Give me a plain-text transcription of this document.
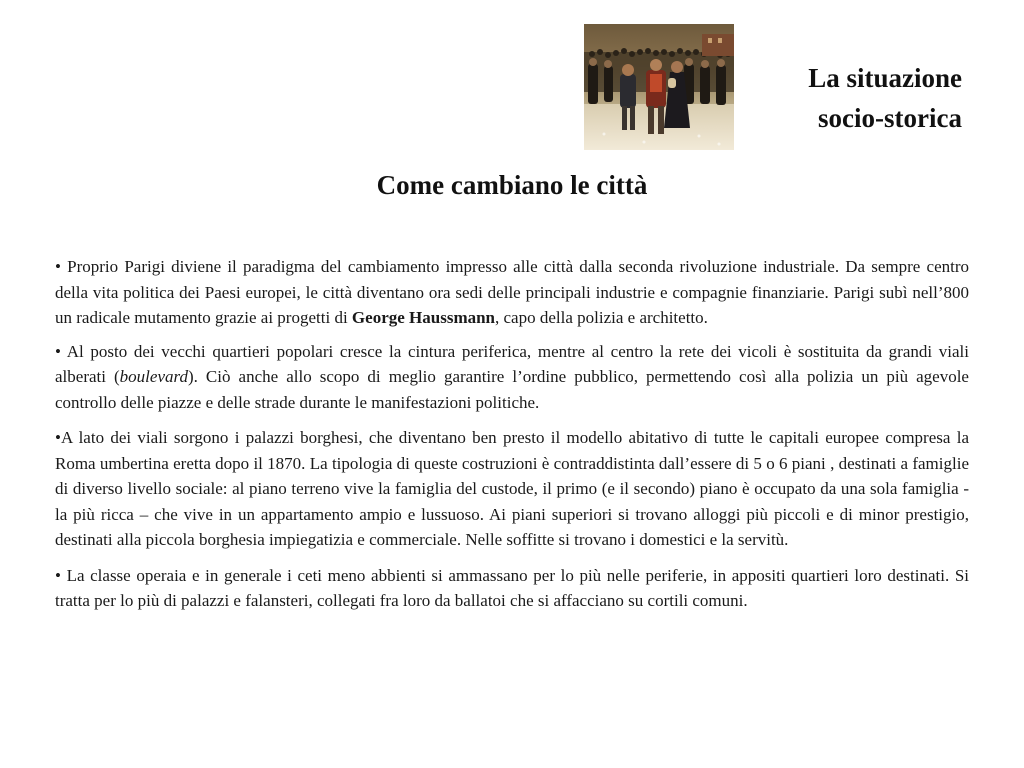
La situazione
socio-storica
Come cambiano le città

• Proprio Parigi diviene il paradigma del cambiamento impresso alle città dalla seconda rivoluzione industriale. Da sempre centro della vita politica dei Paesi europei, le città diventano ora sedi delle principali industrie e compagnie finanziarie. Parigi subì nell’800 un radicale mutamento grazie ai progetti di George Haussmann, capo della polizia e architetto.

• Al posto dei vecchi quartieri popolari cresce la cintura periferica, mentre al centro la rete dei vicoli è sostituita da grandi viali alberati (boulevard). Ciò anche allo scopo di meglio garantire l’ordine pubblico, permettendo così alla polizia un più agevole controllo delle piazze e delle strade durante le manifestazioni politiche.

•A lato dei viali sorgono i palazzi borghesi, che diventano ben presto il modello abitativo di tutte le capitali europee compresa la Roma umbertina eretta dopo il 1870. La tipologia di queste costruzioni è contraddistinta dall’essere di 5 o 6 piani , destinati a famiglie di diverso livello sociale: al piano terreno vive la famiglia del custode, il primo (e il secondo) piano è occupato da una sola famiglia - la più ricca – che vive in un appartamento ampio e lussuoso. Ai piani superiori si trovano alloggi più piccoli e di minor prestigio, destinati alla piccola borghesia impiegatizia e commerciale. Nelle soffitte si trovano i domestici e la servitù.

• La classe operaia e in generale i ceti meno abbienti si ammassano per lo più nelle periferie, in appositi quartieri loro destinati. Si tratta per lo più di palazzi e falansteri, collegati fra loro da ballatoi che si affacciano su cortili comuni.
